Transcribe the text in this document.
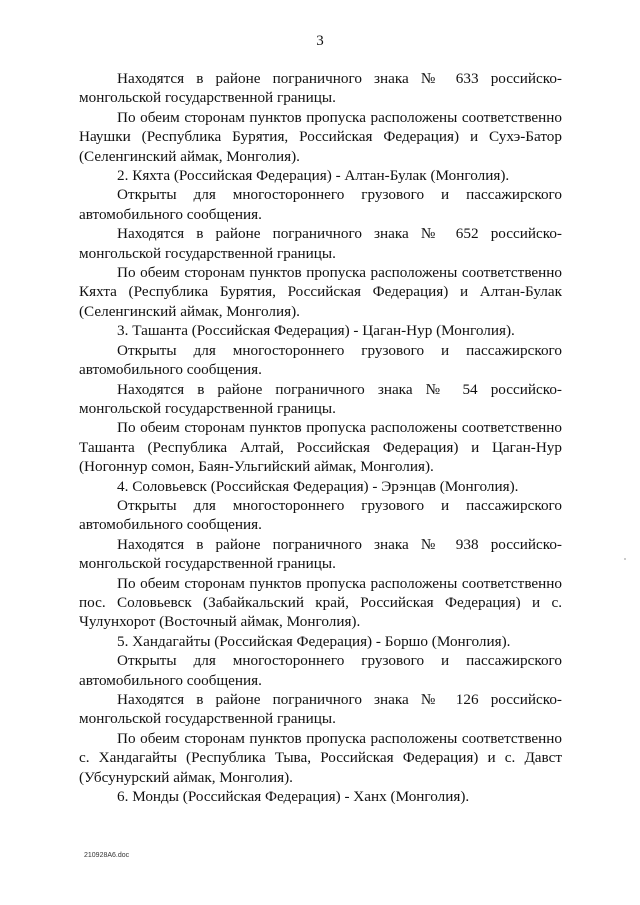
3

Находятся в районе пограничного знака № 633 российско-монгольской государственной границы.

По обеим сторонам пунктов пропуска расположены соответственно Наушки (Республика Бурятия, Российская Федерация) и Сухэ-Батор (Селенгинский аймак, Монголия).

2. Кяхта (Российская Федерация) - Алтан-Булак (Монголия).

Открыты для многостороннего грузового и пассажирского автомобильного сообщения.

Находятся в районе пограничного знака № 652 российско-монгольской государственной границы.

По обеим сторонам пунктов пропуска расположены соответственно Кяхта (Республика Бурятия, Российская Федерация) и Алтан-Булак (Селенгинский аймак, Монголия).

3. Ташанта (Российская Федерация) - Цаган-Нур (Монголия).

Открыты для многостороннего грузового и пассажирского автомобильного сообщения.

Находятся в районе пограничного знака № 54 российско-монгольской государственной границы.

По обеим сторонам пунктов пропуска расположены соответственно Ташанта (Республика Алтай, Российская Федерация) и Цаган-Нур (Ногоннур сомон, Баян-Ульгийский аймак, Монголия).

4. Соловьевск (Российская Федерация) - Эрэнцав (Монголия).

Открыты для многостороннего грузового и пассажирского автомобильного сообщения.

Находятся в районе пограничного знака № 938 российско-монгольской государственной границы.

По обеим сторонам пунктов пропуска расположены соответственно пос. Соловьевск (Забайкальский край, Российская Федерация) и с. Чулунхорот (Восточный аймак, Монголия).

5. Хандагайты (Российская Федерация) - Боршо (Монголия).

Открыты для многостороннего грузового и пассажирского автомобильного сообщения.

Находятся в районе пограничного знака № 126 российско-монгольской государственной границы.

По обеим сторонам пунктов пропуска расположены соответственно с. Хандагайты (Республика Тыва, Российская Федерация) и с. Давст (Убсунурский аймак, Монголия).

6. Монды (Российская Федерация) - Ханх (Монголия).

210928A6.doc
